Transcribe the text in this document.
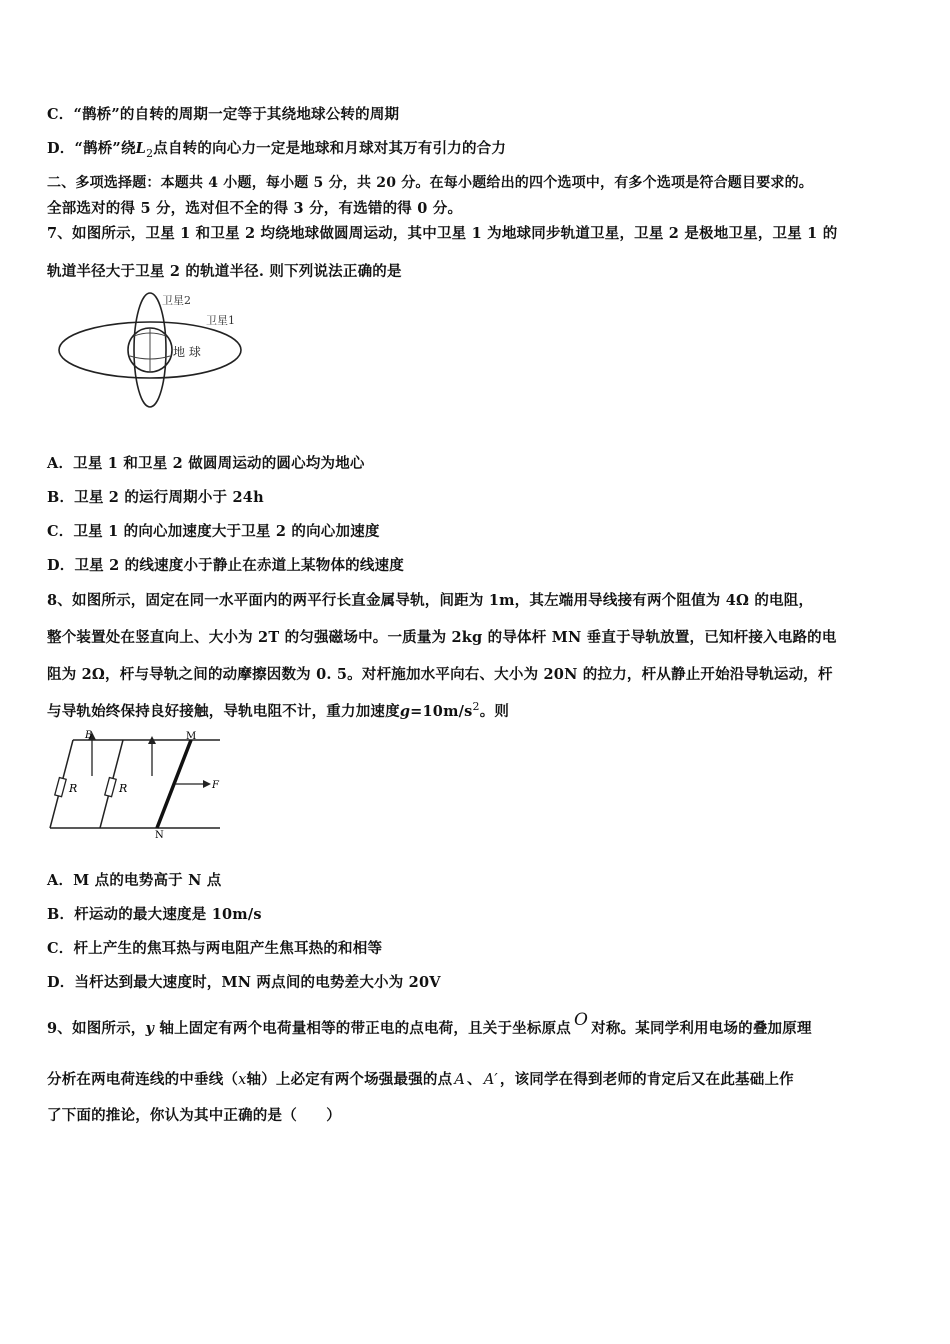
C．“鹊桥”的自转的周期一定等于其绕地球公转的周期
D．“鹊桥”绕$L_2$点自转的向心力一定是地球和月球对其万有引力的合力
二、多项选择题：本题共 4 小题，每小题 5 分，共 20 分。在每小题给出的四个选项中，有多个选项是符合题目要求的。
全部选对的得 5 分，选对但不全的得 3 分，有选错的得 0 分。
7、如图所示，卫星 1 和卫星 2 均绕地球做圆周运动，其中卫星 1 为地球同步轨道卫星，卫星 2 是极地卫星，卫星 1 的
轨道半径大于卫星 2 的轨道半径. 则下列说法正确的是
卫星2
卫星1
地 球
A．卫星 1 和卫星 2 做圆周运动的圆心均为地心
B．卫星 2 的运行周期小于 24h
C．卫星 1 的向心加速度大于卫星 2 的向心加速度
D．卫星 2 的线速度小于静止在赤道上某物体的线速度
8、如图所示，固定在同一水平面内的两平行长直金属导轨，间距为 1m，其左端用导线接有两个阻值为 4Ω 的电阻，
整个装置处在竖直向上、大小为 2T 的匀强磁场中。一质量为 2kg 的导体杆 MN 垂直于导轨放置，已知杆接入电路的电
阻为 2Ω，杆与导轨之间的动摩擦因数为 0. 5。对杆施加水平向右、大小为 20N 的拉力，杆从静止开始沿导轨运动，杆
与导轨始终保持良好接触，导轨电阻不计，重力加速度$g=10m/s^2$。则
R	R
B	M
N
F
A．M 点的电势高于 N 点
B．杆运动的最大速度是 10m/s
C．杆上产生的焦耳热与两电阻产生焦耳热的和相等
D．当杆达到最大速度时，MN 两点间的电势差大小为 20V
9、如图所示，y 轴上固定有两个电荷量相等的带正电的点电荷，且关于坐标原点 O 对称。某同学利用电场的叠加原理
分析在两电荷连线的中垂线（x轴）上必定有两个场强最强的点 A 、 A′ ，该同学在得到老师的肯定后又在此基础上作
了下面的推论，你认为其中正确的是（　　）
